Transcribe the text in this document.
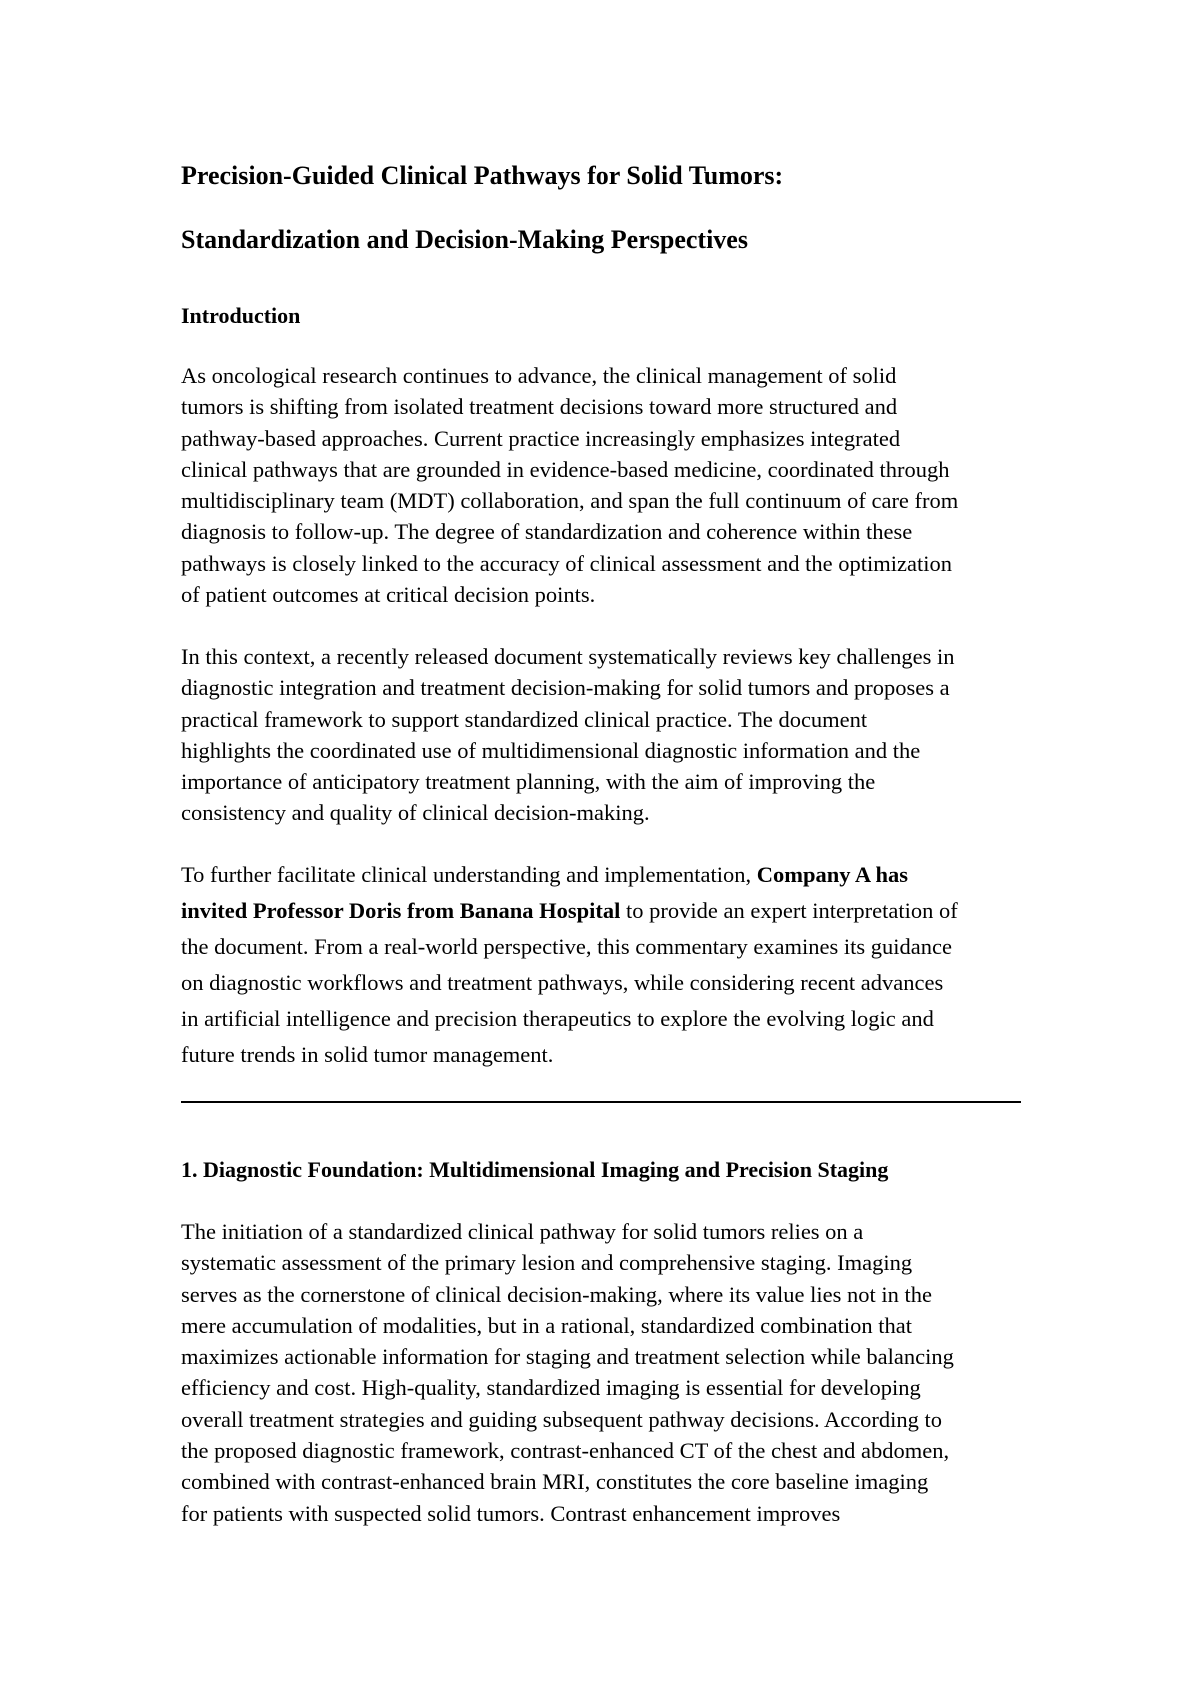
Precision-Guided Clinical Pathways for Solid Tumors:
Standardization and Decision-Making Perspectives
Introduction

As oncological research continues to advance, the clinical management of solid
tumors is shifting from isolated treatment decisions toward more structured and
pathway-based approaches. Current practice increasingly emphasizes integrated
clinical pathways that are grounded in evidence-based medicine, coordinated through
multidisciplinary team (MDT) collaboration, and span the full continuum of care from
diagnosis to follow-up. The degree of standardization and coherence within these
pathways is closely linked to the accuracy of clinical assessment and the optimization
of patient outcomes at critical decision points.

In this context, a recently released document systematically reviews key challenges in
diagnostic integration and treatment decision-making for solid tumors and proposes a
practical framework to support standardized clinical practice. The document
highlights the coordinated use of multidimensional diagnostic information and the
importance of anticipatory treatment planning, with the aim of improving the
consistency and quality of clinical decision-making.

To further facilitate clinical understanding and implementation, Company A has
invited Professor Doris from Banana Hospital to provide an expert interpretation of
the document. From a real-world perspective, this commentary examines its guidance
on diagnostic workflows and treatment pathways, while considering recent advances
in artificial intelligence and precision therapeutics to explore the evolving logic and
future trends in solid tumor management.

1. Diagnostic Foundation: Multidimensional Imaging and Precision Staging

The initiation of a standardized clinical pathway for solid tumors relies on a
systematic assessment of the primary lesion and comprehensive staging. Imaging
serves as the cornerstone of clinical decision-making, where its value lies not in the
mere accumulation of modalities, but in a rational, standardized combination that
maximizes actionable information for staging and treatment selection while balancing
efficiency and cost. High-quality, standardized imaging is essential for developing
overall treatment strategies and guiding subsequent pathway decisions. According to
the proposed diagnostic framework, contrast-enhanced CT of the chest and abdomen,
combined with contrast-enhanced brain MRI, constitutes the core baseline imaging
for patients with suspected solid tumors. Contrast enhancement improves
